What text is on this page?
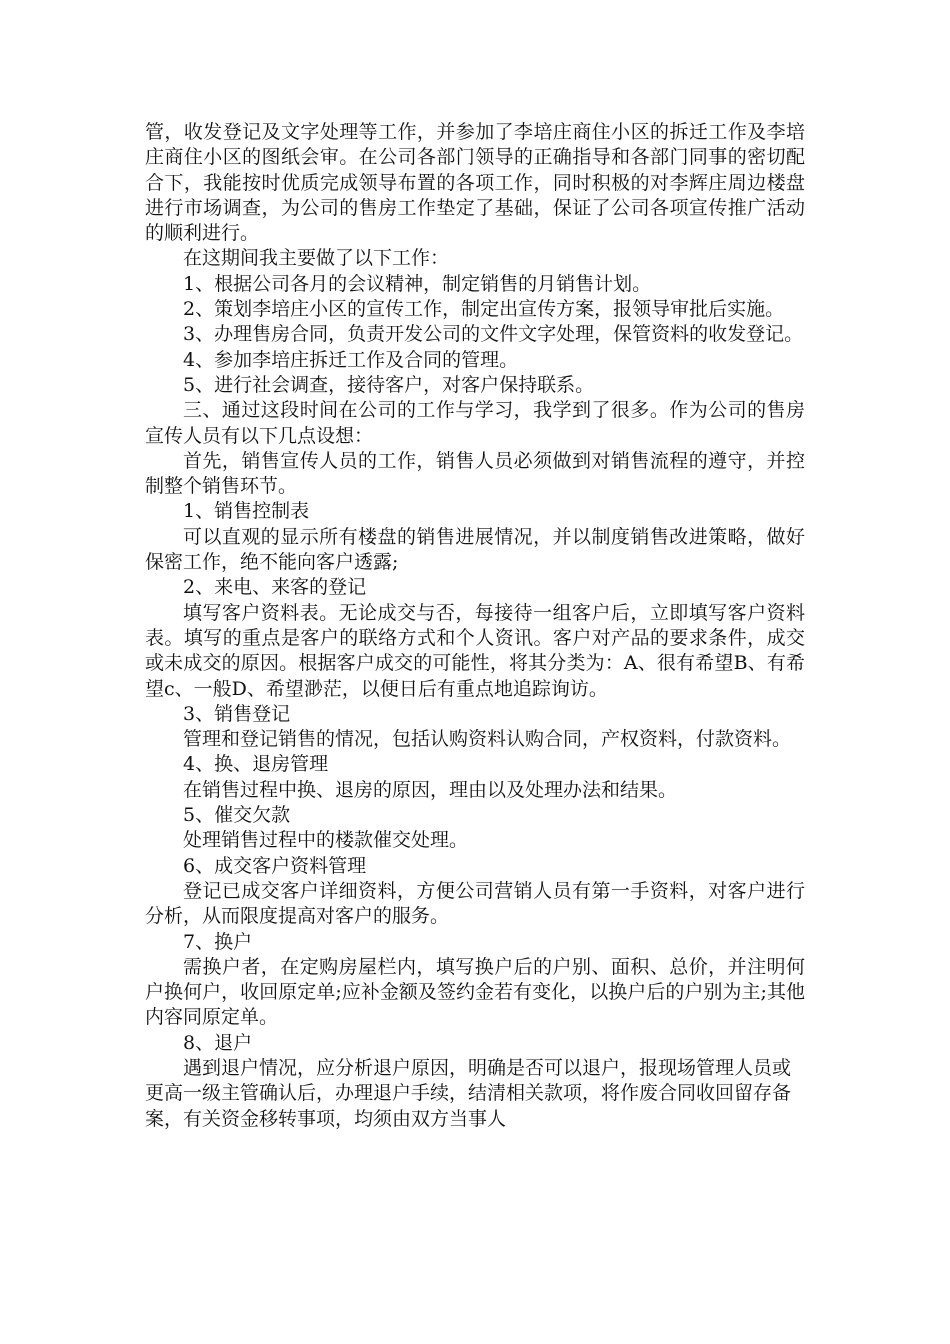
管，收发登记及文字处理等工作，并参加了李培庄商住小区的拆迁工作及李培庄商住小区的图纸会审。在公司各部门领导的正确指导和各部门同事的密切配合下，我能按时优质完成领导布置的各项工作，同时积极的对李辉庄周边楼盘进行市场调查，为公司的售房工作垫定了基础，保证了公司各项宣传推广活动的顺利进行。

在这期间我主要做了以下工作：

1、根据公司各月的会议精神，制定销售的月销售计划。

2、策划李培庄小区的宣传工作，制定出宣传方案，报领导审批后实施。

3、办理售房合同，负责开发公司的文件文字处理，保管资料的收发登记。

4、参加李培庄拆迁工作及合同的管理。

5、进行社会调查，接待客户，对客户保持联系。

三、通过这段时间在公司的工作与学习，我学到了很多。作为公司的售房宣传人员有以下几点设想：

首先，销售宣传人员的工作，销售人员必须做到对销售流程的遵守，并控制整个销售环节。

1、销售控制表

可以直观的显示所有楼盘的销售进展情况，并以制度销售改进策略，做好保密工作，绝不能向客户透露;

2、来电、来客的登记

填写客户资料表。无论成交与否，每接待一组客户后，立即填写客户资料表。填写的重点是客户的联络方式和个人资讯。客户对产品的要求条件，成交或未成交的原因。根据客户成交的可能性，将其分类为：A、很有希望B、有希望c、一般D、希望渺茫，以便日后有重点地追踪询访。

3、销售登记

管理和登记销售的情况，包括认购资料认购合同，产权资料，付款资料。

4、换、退房管理

在销售过程中换、退房的原因，理由以及处理办法和结果。

5、催交欠款

处理销售过程中的楼款催交处理。

6、成交客户资料管理

登记已成交客户详细资料，方便公司营销人员有第一手资料，对客户进行分析，从而限度提高对客户的服务。

7、换户

需换户者，在定购房屋栏内，填写换户后的户别、面积、总价，并注明何户换何户，收回原定单;应补金额及签约金若有变化，以换户后的户别为主;其他内容同原定单。

8、退户

遇到退户情况，应分析退户原因，明确是否可以退户，报现场管理人员或更高一级主管确认后，办理退户手续，结清相关款项，将作废合同收回留存备案，有关资金移转事项，均须由双方当事人
